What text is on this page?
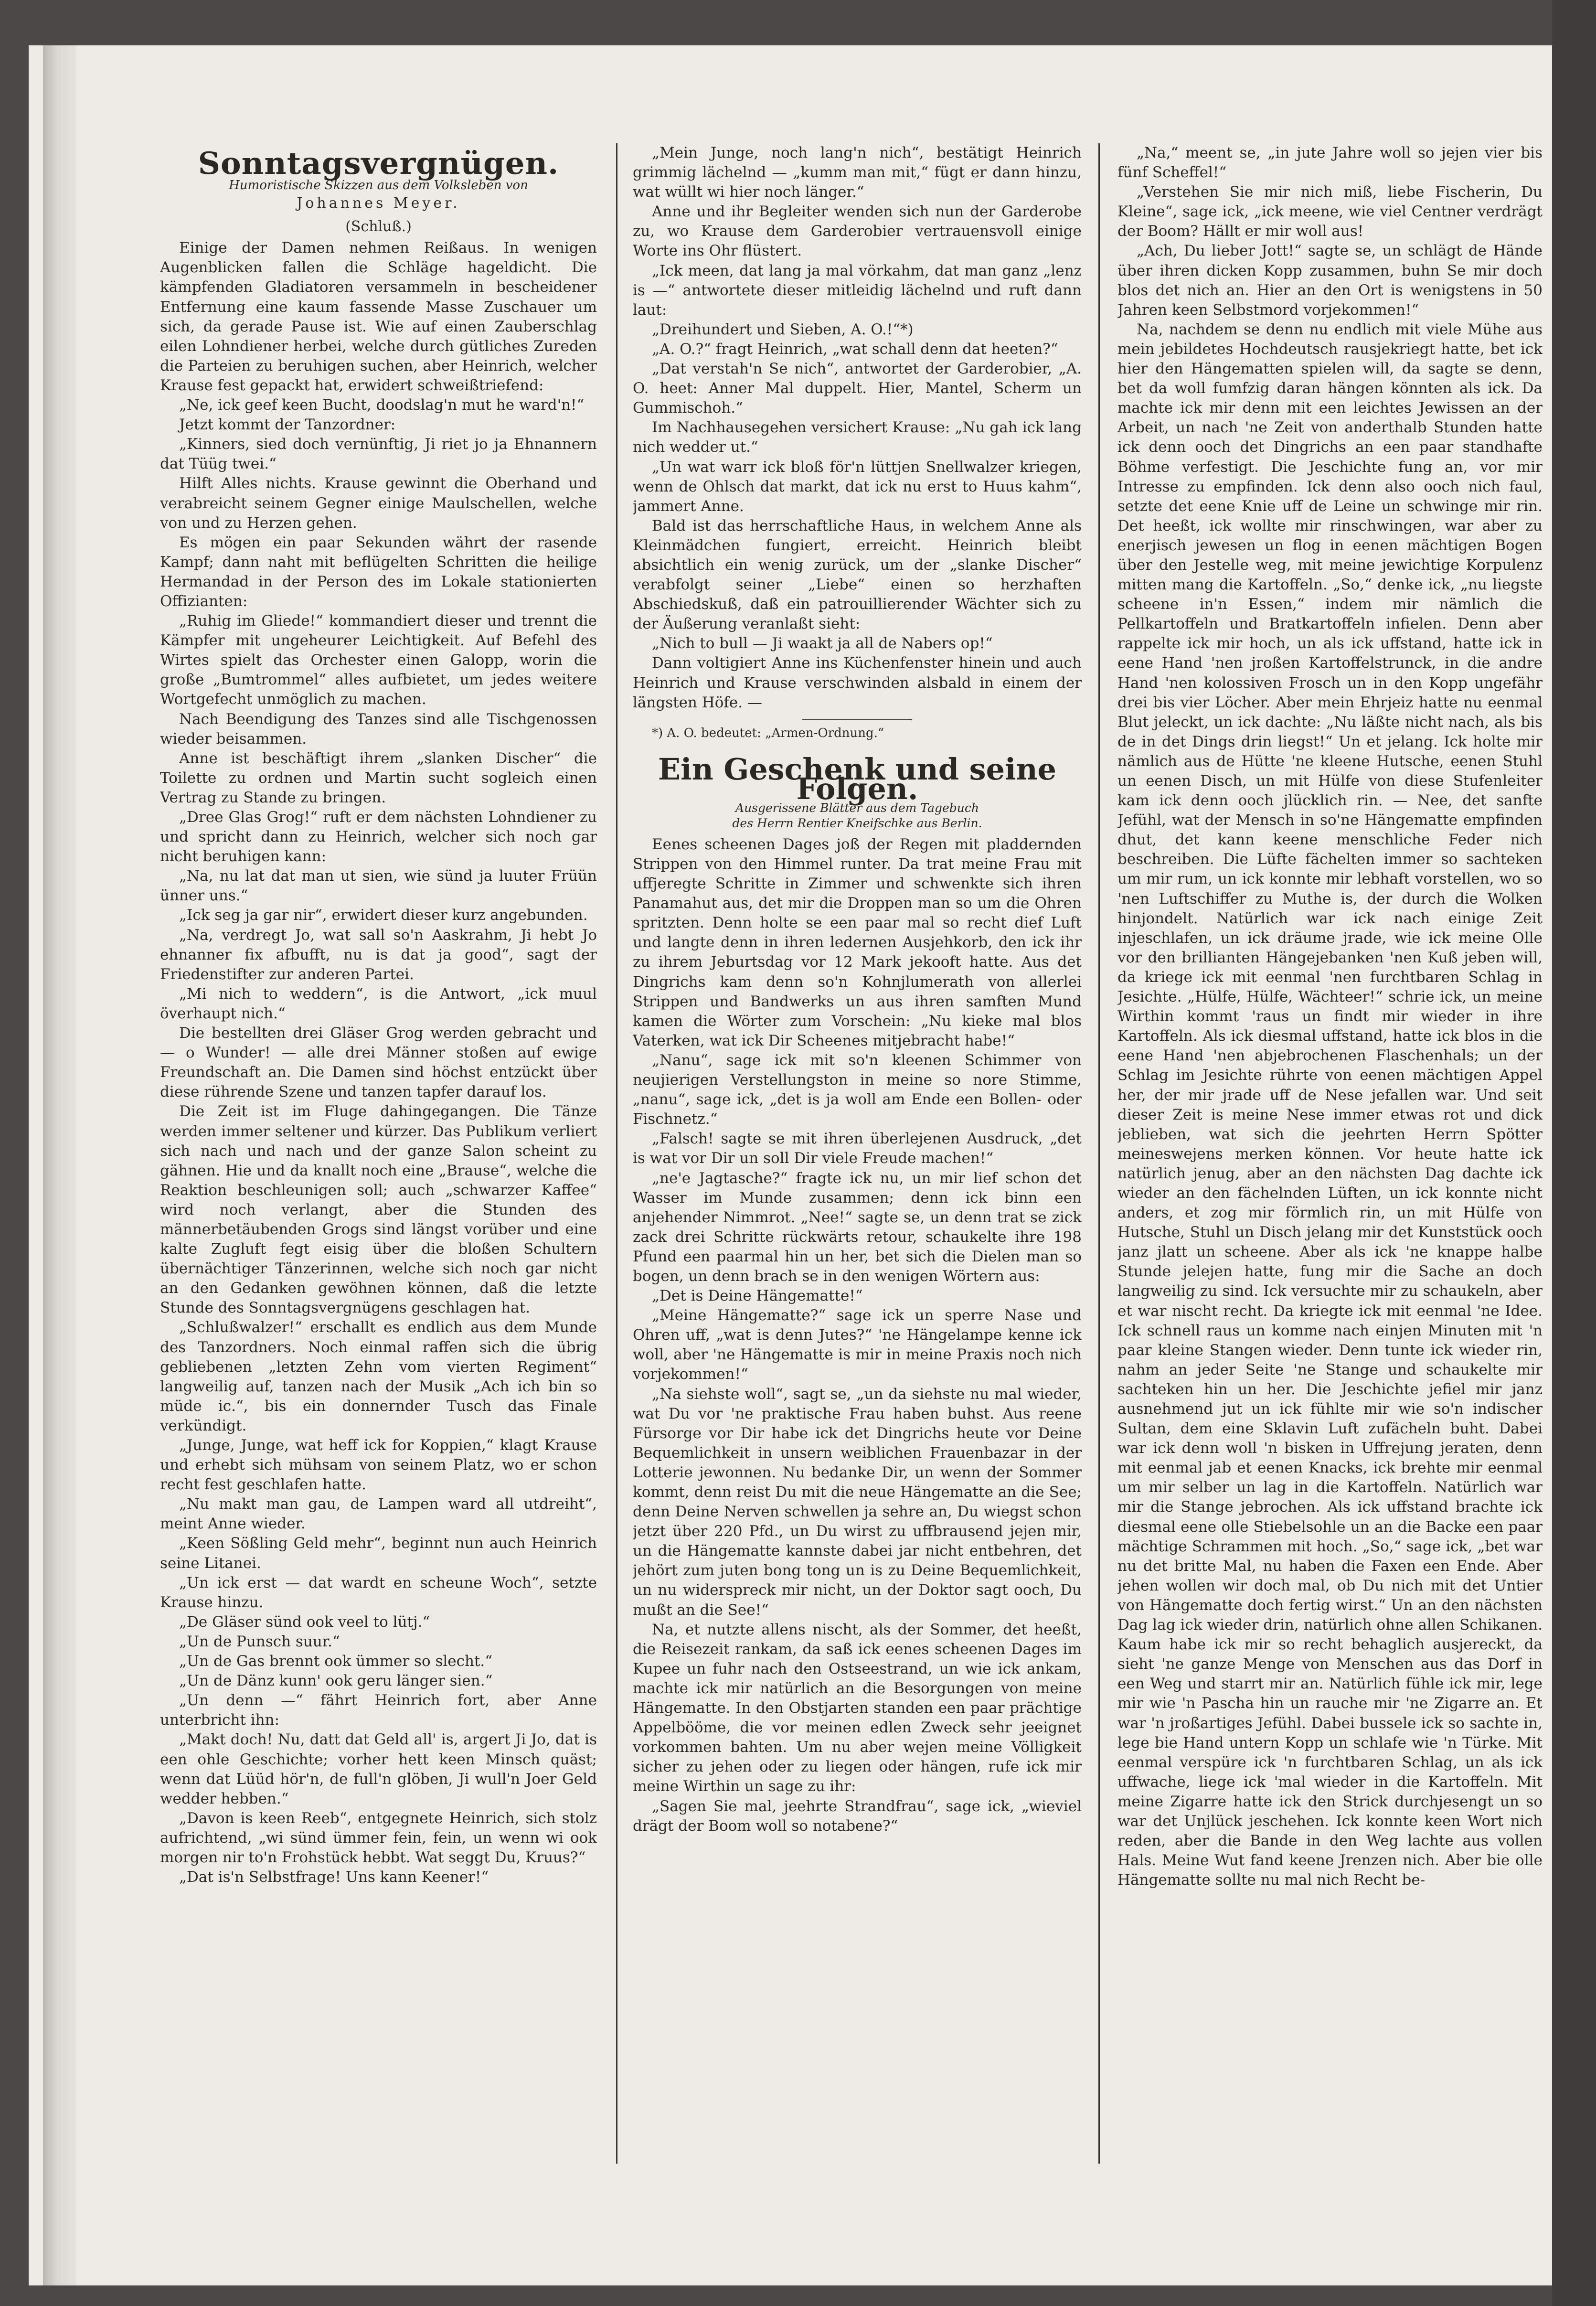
Sonntagsvergnügen.
Humoristische Skizzen aus dem Volksleben von
Johannes Meyer.
(Schluß.)

Einige der Damen nehmen Reißaus. In wenigen Augenblicken fallen die Schläge hageldicht. Die kämpfenden Gladiatoren versammeln in bescheidener Entfernung eine kaum fassende Masse Zuschauer um sich, da gerade Pause ist. Wie auf einen Zauberschlag eilen Lohndiener herbei, welche durch gütliches Zureden die Parteien zu beruhigen suchen, aber Heinrich, welcher Krause fest gepackt hat, erwidert schweißtriefend:

„Ne, ick geef keen Bucht, doodslag'n mut he ward'n!“

Jetzt kommt der Tanzordner:

„Kinners, sied doch vernünftig, Ji riet jo ja Ehnannern dat Tüüg twei.“

Hilft Alles nichts. Krause gewinnt die Oberhand und verabreicht seinem Gegner einige Maulschellen, welche von und zu Herzen gehen.

Es mögen ein paar Sekunden währt der rasende Kampf; dann naht mit beflügelten Schritten die heilige Hermandad in der Person des im Lokale stationierten Offizianten:

„Ruhig im Gliede!“ kommandiert dieser und trennt die Kämpfer mit ungeheurer Leichtigkeit. Auf Befehl des Wirtes spielt das Orchester einen Galopp, worin die große „Bumtrommel“ alles aufbietet, um jedes weitere Wortgefecht unmöglich zu machen.

Nach Beendigung des Tanzes sind alle Tischgenossen wieder beisammen.

Anne ist beschäftigt ihrem „slanken Discher“ die Toilette zu ordnen und Martin sucht sogleich einen Vertrag zu Stande zu bringen.

„Dree Glas Grog!“ ruft er dem nächsten Lohndiener zu und spricht dann zu Heinrich, welcher sich noch gar nicht beruhigen kann:

„Na, nu lat dat man ut sien, wie sünd ja luuter Früün ünner uns.“

„Ick seg ja gar nir“, erwidert dieser kurz angebunden.

„Na, verdregt Jo, wat sall so'n Aaskrahm, Ji hebt Jo ehnanner fix afbufft, nu is dat ja good“, sagt der Friedenstifter zur anderen Partei.

„Mi nich to weddern“, is die Antwort, „ick muul överhaupt nich.“

Die bestellten drei Gläser Grog werden gebracht und — o Wunder! — alle drei Männer stoßen auf ewige Freundschaft an. Die Damen sind höchst entzückt über diese rührende Szene und tanzen tapfer darauf los.

Die Zeit ist im Fluge dahingegangen. Die Tänze werden immer seltener und kürzer. Das Publikum verliert sich nach und nach und der ganze Salon scheint zu gähnen. Hie und da knallt noch eine „Brause“, welche die Reaktion beschleunigen soll; auch „schwarzer Kaffee“ wird noch verlangt, aber die Stunden des männerbetäubenden Grogs sind längst vorüber und eine kalte Zugluft fegt eisig über die bloßen Schultern übernächtiger Tänzerinnen, welche sich noch gar nicht an den Gedanken gewöhnen können, daß die letzte Stunde des Sonntagsvergnügens geschlagen hat.

„Schlußwalzer!“ erschallt es endlich aus dem Munde des Tanzordners. Noch einmal raffen sich die übrig gebliebenen „letzten Zehn vom vierten Regiment“ langweilig auf, tanzen nach der Musik „Ach ich bin so müde ic.“, bis ein donnernder Tusch das Finale verkündigt.

„Junge, Junge, wat heff ick for Koppien,“ klagt Krause und erhebt sich mühsam von seinem Platz, wo er schon recht fest geschlafen hatte.

„Nu makt man gau, de Lampen ward all utdreiht“, meint Anne wieder.

„Keen Sößling Geld mehr“, beginnt nun auch Heinrich seine Litanei.

„Un ick erst — dat wardt en scheune Woch“, setzte Krause hinzu.

„De Gläser sünd ook veel to lütj.“

„Un de Punsch suur.“

„Un de Gas brennt ook ümmer so slecht.“

„Un de Dänz kunn' ook geru länger sien.“

„Un denn —“ fährt Heinrich fort, aber Anne unterbricht ihn:

„Makt doch! Nu, datt dat Geld all' is, argert Ji Jo, dat is een ohle Geschichte; vorher hett keen Minsch quäst; wenn dat Lüüd hör'n, de full'n glöben, Ji wull'n Joer Geld wedder hebben.“

„Davon is keen Reeb“, entgegnete Heinrich, sich stolz aufrichtend, „wi sünd ümmer fein, fein, un wenn wi ook morgen nir to'n Frohstück hebbt. Wat seggt Du, Kruus?“

„Dat is'n Selbstfrage! Uns kann Keener!“

„Mein Junge, noch lang'n nich“, bestätigt Heinrich grimmig lächelnd — „kumm man mit,“ fügt er dann hinzu, wat wüllt wi hier noch länger.“

Anne und ihr Begleiter wenden sich nun der Garderobe zu, wo Krause dem Garderobier vertrauensvoll einige Worte ins Ohr flüstert.

„Ick meen, dat lang ja mal vörkahm, dat man ganz „lenz is —“ antwortete dieser mitleidig lächelnd und ruft dann laut:

„Dreihundert und Sieben, A. O.!“*)

„A. O.?“ fragt Heinrich, „wat schall denn dat heeten?“

„Dat verstah'n Se nich“, antwortet der Garderobier, „A. O. heet: Anner Mal duppelt. Hier, Mantel, Scherm un Gummischoh.“

Im Nachhausegehen versichert Krause: „Nu gah ick lang nich wedder ut.“

„Un wat warr ick bloß för'n lüttjen Snellwalzer kriegen, wenn de Ohlsch dat markt, dat ick nu erst to Huus kahm“, jammert Anne.

Bald ist das herrschaftliche Haus, in welchem Anne als Kleinmädchen fungiert, erreicht. Heinrich bleibt absichtlich ein wenig zurück, um der „slanke Discher“ verabfolgt seiner „Liebe“ einen so herzhaften Abschiedskuß, daß ein patrouillierender Wächter sich zu der Äußerung veranlaßt sieht:

„Nich to bull — Ji waakt ja all de Nabers op!“

Dann voltigiert Anne ins Küchenfenster hinein und auch Heinrich und Krause verschwinden alsbald in einem der längsten Höfe. —

*) A. O. bedeutet: „Armen-Ordnung.“
Ein Geschenk und seine Folgen.
Ausgerissene Blätter aus dem Tagebuch
des Herrn Rentier Kneifschke aus Berlin.

Eenes scheenen Dages joß der Regen mit pladdernden Strippen von den Himmel runter. Da trat meine Frau mit uffjeregte Schritte in Zimmer und schwenkte sich ihren Panamahut aus, det mir die Droppen man so um die Ohren spritzten. Denn holte se een paar mal so recht dief Luft und langte denn in ihren ledernen Ausjehkorb, den ick ihr zu ihrem Jeburtsdag vor 12 Mark jekooft hatte. Aus det Dingrichs kam denn so'n Kohnjlumerath von allerlei Strippen und Bandwerks un aus ihren samften Mund kamen die Wörter zum Vorschein: „Nu kieke mal blos Vaterken, wat ick Dir Scheenes mitjebracht habe!“

„Nanu“, sage ick mit so'n kleenen Schimmer von neujierigen Verstellungston in meine so nore Stimme, „nanu“, sage ick, „det is ja woll am Ende een Bollen- oder Fischnetz.“

„Falsch! sagte se mit ihren überlejenen Ausdruck, „det is wat vor Dir un soll Dir viele Freude machen!“

„ne'e Jagtasche?“ fragte ick nu, un mir lief schon det Wasser im Munde zusammen; denn ick binn een anjehender Nimmrot. „Nee!“ sagte se, un denn trat se zick zack drei Schritte rückwärts retour, schaukelte ihre 198 Pfund een paarmal hin un her, bet sich die Dielen man so bogen, un denn brach se in den wenigen Wörtern aus:

„Det is Deine Hängematte!“

„Meine Hängematte?“ sage ick un sperre Nase und Ohren uff, „wat is denn Jutes?“ 'ne Hängelampe kenne ick woll, aber 'ne Hängematte is mir in meine Praxis noch nich vorjekommen!“

„Na siehste woll“, sagt se, „un da siehste nu mal wieder, wat Du vor 'ne praktische Frau haben buhst. Aus reene Fürsorge vor Dir habe ick det Dingrichs heute vor Deine Bequemlichkeit in unsern weiblichen Frauenbazar in der Lotterie jewonnen. Nu bedanke Dir, un wenn der Sommer kommt, denn reist Du mit die neue Hängematte an die See; denn Deine Nerven schwellen ja sehre an, Du wiegst schon jetzt über 220 Pfd., un Du wirst zu uffbrausend jejen mir, un die Hängematte kannste dabei jar nicht entbehren, det jehört zum juten bong tong un is zu Deine Bequemlichkeit, un nu widerspreck mir nicht, un der Doktor sagt ooch, Du mußt an die See!“

Na, et nutzte allens nischt, als der Sommer, det heeßt, die Reisezeit rankam, da saß ick eenes scheenen Dages im Kupee un fuhr nach den Ostseestrand, un wie ick ankam, machte ick mir natürlich an die Besorgungen von meine Hängematte. In den Obstjarten standen een paar prächtige Appelbööme, die vor meinen edlen Zweck sehr jeeignet vorkommen bahten. Um nu aber wejen meine Völligkeit sicher zu jehen oder zu liegen oder hängen, rufe ick mir meine Wirthin un sage zu ihr:

„Sagen Sie mal, jeehrte Strandfrau“, sage ick, „wieviel drägt der Boom woll so notabene?“

„Na,“ meent se, „in jute Jahre woll so jejen vier bis fünf Scheffel!“

„Verstehen Sie mir nich miß, liebe Fischerin, Du Kleine“, sage ick, „ick meene, wie viel Centner verdrägt der Boom? Hällt er mir woll aus!

„Ach, Du lieber Jott!“ sagte se, un schlägt de Hände über ihren dicken Kopp zusammen, buhn Se mir doch blos det nich an. Hier an den Ort is wenigstens in 50 Jahren keen Selbstmord vorjekommen!“

Na, nachdem se denn nu endlich mit viele Mühe aus mein jebildetes Hochdeutsch rausjekriegt hatte, bet ick hier den Hängematten spielen will, da sagte se denn, bet da woll fumfzig daran hängen könnten als ick. Da machte ick mir denn mit een leichtes Jewissen an der Arbeit, un nach 'ne Zeit von anderthalb Stunden hatte ick denn ooch det Dingrichs an een paar standhafte Böhme verfestigt. Die Jeschichte fung an, vor mir Intresse zu empfinden. Ick denn also ooch nich faul, setzte det eene Knie uff de Leine un schwinge mir rin. Det heeßt, ick wollte mir rinschwingen, war aber zu enerjisch jewesen un flog in eenen mächtigen Bogen über den Jestelle weg, mit meine jewichtige Korpulenz mitten mang die Kartoffeln. „So,“ denke ick, „nu liegste scheene in'n Essen,“ indem mir nämlich die Pellkartoffeln und Bratkartoffeln infielen. Denn aber rappelte ick mir hoch, un als ick uffstand, hatte ick in eene Hand 'nen jroßen Kartoffelstrunck, in die andre Hand 'nen kolossiven Frosch un in den Kopp ungefähr drei bis vier Löcher. Aber mein Ehrjeiz hatte nu eenmal Blut jeleckt, un ick dachte: „Nu läßte nicht nach, als bis de in det Dings drin liegst!“ Un et jelang. Ick holte mir nämlich aus de Hütte 'ne kleene Hutsche, eenen Stuhl un eenen Disch, un mit Hülfe von diese Stufenleiter kam ick denn ooch jlücklich rin. — Nee, det sanfte Jefühl, wat der Mensch in so'ne Hängematte empfinden dhut, det kann keene menschliche Feder nich beschreiben. Die Lüfte fächelten immer so sachteken um mir rum, un ick konnte mir lebhaft vorstellen, wo so 'nen Luftschiffer zu Muthe is, der durch die Wolken hinjondelt. Natürlich war ick nach einige Zeit injeschlafen, un ick dräume jrade, wie ick meine Olle vor den brillianten Hängejebanken 'nen Kuß jeben will, da kriege ick mit eenmal 'nen furchtbaren Schlag in Jesichte. „Hülfe, Hülfe, Wächteer!“ schrie ick, un meine Wirthin kommt 'raus un findt mir wieder in ihre Kartoffeln. Als ick diesmal uffstand, hatte ick blos in die eene Hand 'nen abjebrochenen Flaschenhals; un der Schlag im Jesichte rührte von eenen mächtigen Appel her, der mir jrade uff de Nese jefallen war. Und seit dieser Zeit is meine Nese immer etwas rot und dick jeblieben, wat sich die jeehrten Herrn Spötter meineswejens merken können. Vor heute hatte ick natürlich jenug, aber an den nächsten Dag dachte ick wieder an den fächelnden Lüften, un ick konnte nicht anders, et zog mir förmlich rin, un mit Hülfe von Hutsche, Stuhl un Disch jelang mir det Kunststück ooch janz jlatt un scheene. Aber als ick 'ne knappe halbe Stunde jelejen hatte, fung mir die Sache an doch langweilig zu sind. Ick versuchte mir zu schaukeln, aber et war nischt recht. Da kriegte ick mit eenmal 'ne Idee. Ick schnell raus un komme nach einjen Minuten mit 'n paar kleine Stangen wieder. Denn tunte ick wieder rin, nahm an jeder Seite 'ne Stange und schaukelte mir sachteken hin un her. Die Jeschichte jefiel mir janz ausnehmend jut un ick fühlte mir wie so'n indischer Sultan, dem eine Sklavin Luft zufächeln buht. Dabei war ick denn woll 'n bisken in Uffrejung jeraten, denn mit eenmal jab et eenen Knacks, ick brehte mir eenmal um mir selber un lag in die Kartoffeln. Natürlich war mir die Stange jebrochen. Als ick uffstand brachte ick diesmal eene olle Stiebelsohle un an die Backe een paar mächtige Schrammen mit hoch. „So,“ sage ick, „bet war nu det britte Mal, nu haben die Faxen een Ende. Aber jehen wollen wir doch mal, ob Du nich mit det Untier von Hängematte doch fertig wirst.“ Un an den nächsten Dag lag ick wieder drin, natürlich ohne allen Schikanen. Kaum habe ick mir so recht behaglich ausjereckt, da sieht 'ne ganze Menge von Menschen aus das Dorf in een Weg und starrt mir an. Natürlich fühle ick mir, lege mir wie 'n Pascha hin un rauche mir 'ne Zigarre an. Et war 'n jroßartiges Jefühl. Dabei bussele ick so sachte in, lege bie Hand untern Kopp un schlafe wie 'n Türke. Mit eenmal verspüre ick 'n furchtbaren Schlag, un als ick uffwache, liege ick 'mal wieder in die Kartoffeln. Mit meine Zigarre hatte ick den Strick durchjesengt un so war det Unjlück jeschehen. Ick konnte keen Wort nich reden, aber die Bande in den Weg lachte aus vollen Hals. Meine Wut fand keene Jrenzen nich. Aber bie olle Hängematte sollte nu mal nich Recht be-
